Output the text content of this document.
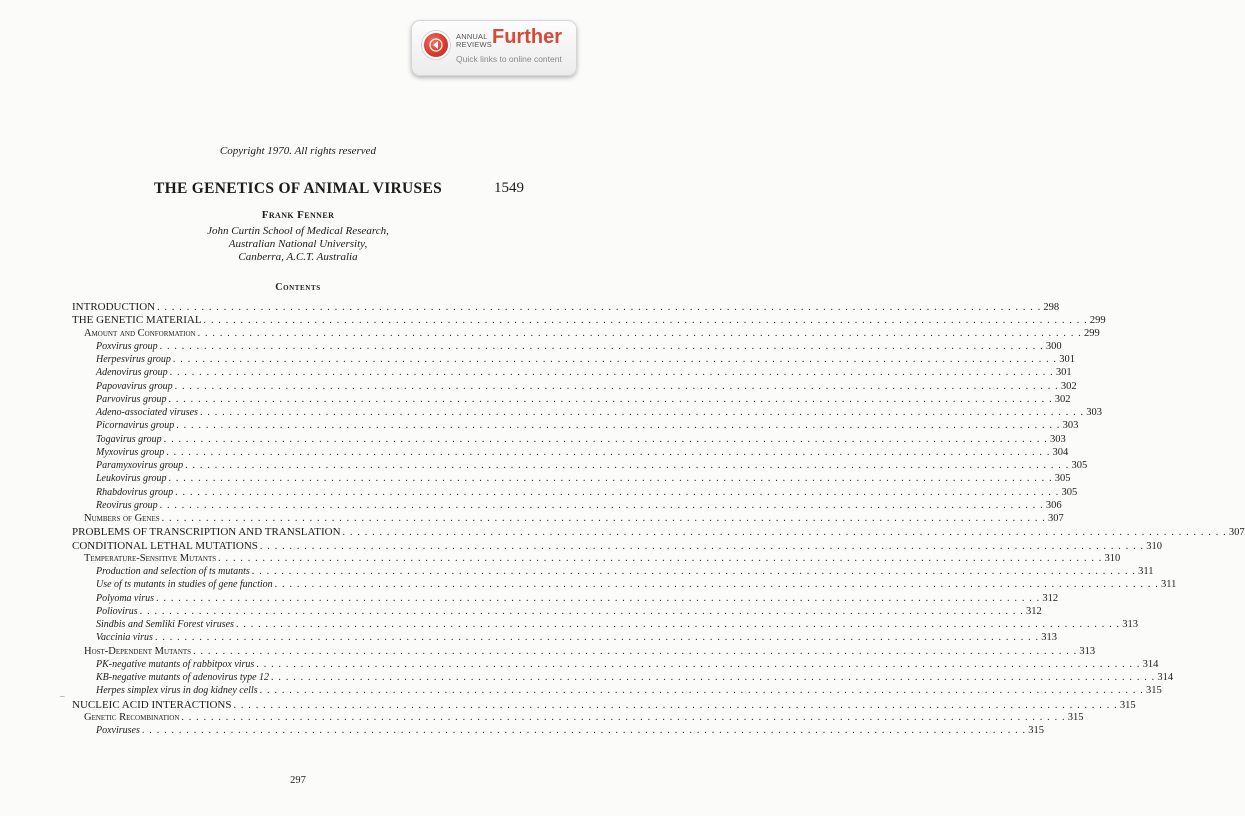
ANNUAL
REVIEWS Further
Quick links to online content
Copyright 1970. All rights reserved
THE GENETICS OF ANIMAL VIRUSES	1549
Frank Fenner
John Curtin School of Medical Research,
Australian National University,
Canberra, A.C.T. Australia
Contents
INTRODUCTION . . . . . . . . . . . . . . . . . . . . . . . . . . . . . . . . . . . . . . . . . . . . . . . . . . . . . . . . . . . . . . . . . . . . . . . . . . . . . . . . . . . . . . . . . . . . . . . . . . . . . . . . . . . . . . . . . . . . . . . . 298
THE GENETIC MATERIAL . . . . . . . . . . . . . . . . . . . . . . . . . . . . . . . . . . . . . . . . . . . . . . . . . . . . . . . . . . . . . . . . . . . . . . . . . . . . . . . . . . . . . . . . . . . . . . . . . . . . . . . . . . . . . . . . . . . . . . . . 299
Amount and Conformation . . . . . . . . . . . . . . . . . . . . . . . . . . . . . . . . . . . . . . . . . . . . . . . . . . . . . . . . . . . . . . . . . . . . . . . . . . . . . . . . . . . . . . . . . . . . . . . . . . . . . . . . . . . . . . . . . . . . . . . . 299
Poxvirus group . . . . . . . . . . . . . . . . . . . . . . . . . . . . . . . . . . . . . . . . . . . . . . . . . . . . . . . . . . . . . . . . . . . . . . . . . . . . . . . . . . . . . . . . . . . . . . . . . . . . . . . . . . . . . . . . . . . . . . . . 300
Herpesvirus group . . . . . . . . . . . . . . . . . . . . . . . . . . . . . . . . . . . . . . . . . . . . . . . . . . . . . . . . . . . . . . . . . . . . . . . . . . . . . . . . . . . . . . . . . . . . . . . . . . . . . . . . . . . . . . . . . . . . . . . . 301
Adenovirus group . . . . . . . . . . . . . . . . . . . . . . . . . . . . . . . . . . . . . . . . . . . . . . . . . . . . . . . . . . . . . . . . . . . . . . . . . . . . . . . . . . . . . . . . . . . . . . . . . . . . . . . . . . . . . . . . . . . . . . . . 301
Papovavirus group . . . . . . . . . . . . . . . . . . . . . . . . . . . . . . . . . . . . . . . . . . . . . . . . . . . . . . . . . . . . . . . . . . . . . . . . . . . . . . . . . . . . . . . . . . . . . . . . . . . . . . . . . . . . . . . . . . . . . . . . 302
Parvovirus group . . . . . . . . . . . . . . . . . . . . . . . . . . . . . . . . . . . . . . . . . . . . . . . . . . . . . . . . . . . . . . . . . . . . . . . . . . . . . . . . . . . . . . . . . . . . . . . . . . . . . . . . . . . . . . . . . . . . . . . . 302
Adeno-associated viruses . . . . . . . . . . . . . . . . . . . . . . . . . . . . . . . . . . . . . . . . . . . . . . . . . . . . . . . . . . . . . . . . . . . . . . . . . . . . . . . . . . . . . . . . . . . . . . . . . . . . . . . . . . . . . . . . . . . . . . . . 303
Picornavirus group . . . . . . . . . . . . . . . . . . . . . . . . . . . . . . . . . . . . . . . . . . . . . . . . . . . . . . . . . . . . . . . . . . . . . . . . . . . . . . . . . . . . . . . . . . . . . . . . . . . . . . . . . . . . . . . . . . . . . . . . 303
Togavirus group . . . . . . . . . . . . . . . . . . . . . . . . . . . . . . . . . . . . . . . . . . . . . . . . . . . . . . . . . . . . . . . . . . . . . . . . . . . . . . . . . . . . . . . . . . . . . . . . . . . . . . . . . . . . . . . . . . . . . . . . 303
Myxovirus group . . . . . . . . . . . . . . . . . . . . . . . . . . . . . . . . . . . . . . . . . . . . . . . . . . . . . . . . . . . . . . . . . . . . . . . . . . . . . . . . . . . . . . . . . . . . . . . . . . . . . . . . . . . . . . . . . . . . . . . . 304
Paramyxovirus group . . . . . . . . . . . . . . . . . . . . . . . . . . . . . . . . . . . . . . . . . . . . . . . . . . . . . . . . . . . . . . . . . . . . . . . . . . . . . . . . . . . . . . . . . . . . . . . . . . . . . . . . . . . . . . . . . . . . . . . . 305
Leukovirus group . . . . . . . . . . . . . . . . . . . . . . . . . . . . . . . . . . . . . . . . . . . . . . . . . . . . . . . . . . . . . . . . . . . . . . . . . . . . . . . . . . . . . . . . . . . . . . . . . . . . . . . . . . . . . . . . . . . . . . . . 305
Rhabdovirus group . . . . . . . . . . . . . . . . . . . . . . . . . . . . . . . . . . . . . . . . . . . . . . . . . . . . . . . . . . . . . . . . . . . . . . . . . . . . . . . . . . . . . . . . . . . . . . . . . . . . . . . . . . . . . . . . . . . . . . . . 305
Reovirus group . . . . . . . . . . . . . . . . . . . . . . . . . . . . . . . . . . . . . . . . . . . . . . . . . . . . . . . . . . . . . . . . . . . . . . . . . . . . . . . . . . . . . . . . . . . . . . . . . . . . . . . . . . . . . . . . . . . . . . . . 306
Numbers of Genes . . . . . . . . . . . . . . . . . . . . . . . . . . . . . . . . . . . . . . . . . . . . . . . . . . . . . . . . . . . . . . . . . . . . . . . . . . . . . . . . . . . . . . . . . . . . . . . . . . . . . . . . . . . . . . . . . . . . . . . . 307
PROBLEMS OF TRANSCRIPTION AND TRANSLATION . . . . . . . . . . . . . . . . . . . . . . . . . . . . . . . . . . . . . . . . . . . . . . . . . . . . . . . . . . . . . . . . . . . . . . . . . . . . . . . . . . . . . . . . . . . . . . . . . . . . . . . . . . . . . . . . . . . . . . . . 307
CONDITIONAL LETHAL MUTATIONS . . . . . . . . . . . . . . . . . . . . . . . . . . . . . . . . . . . . . . . . . . . . . . . . . . . . . . . . . . . . . . . . . . . . . . . . . . . . . . . . . . . . . . . . . . . . . . . . . . . . . . . . . . . . . . . . . . . . . . . . 310
Temperature-Sensitive Mutants . . . . . . . . . . . . . . . . . . . . . . . . . . . . . . . . . . . . . . . . . . . . . . . . . . . . . . . . . . . . . . . . . . . . . . . . . . . . . . . . . . . . . . . . . . . . . . . . . . . . . . . . . . . . . . . . . . . . . . . . 310
Production and selection of ts mutants . . . . . . . . . . . . . . . . . . . . . . . . . . . . . . . . . . . . . . . . . . . . . . . . . . . . . . . . . . . . . . . . . . . . . . . . . . . . . . . . . . . . . . . . . . . . . . . . . . . . . . . . . . . . . . . . . . . . . . . . 311
Use of ts mutants in studies of gene function . . . . . . . . . . . . . . . . . . . . . . . . . . . . . . . . . . . . . . . . . . . . . . . . . . . . . . . . . . . . . . . . . . . . . . . . . . . . . . . . . . . . . . . . . . . . . . . . . . . . . . . . . . . . . . . . . . . . . . . . 311
Polyoma virus . . . . . . . . . . . . . . . . . . . . . . . . . . . . . . . . . . . . . . . . . . . . . . . . . . . . . . . . . . . . . . . . . . . . . . . . . . . . . . . . . . . . . . . . . . . . . . . . . . . . . . . . . . . . . . . . . . . . . . . . 312
Poliovirus . . . . . . . . . . . . . . . . . . . . . . . . . . . . . . . . . . . . . . . . . . . . . . . . . . . . . . . . . . . . . . . . . . . . . . . . . . . . . . . . . . . . . . . . . . . . . . . . . . . . . . . . . . . . . . . . . . . . . . . . 312
Sindbis and Semliki Forest viruses . . . . . . . . . . . . . . . . . . . . . . . . . . . . . . . . . . . . . . . . . . . . . . . . . . . . . . . . . . . . . . . . . . . . . . . . . . . . . . . . . . . . . . . . . . . . . . . . . . . . . . . . . . . . . . . . . . . . . . . . 313
Vaccinia virus . . . . . . . . . . . . . . . . . . . . . . . . . . . . . . . . . . . . . . . . . . . . . . . . . . . . . . . . . . . . . . . . . . . . . . . . . . . . . . . . . . . . . . . . . . . . . . . . . . . . . . . . . . . . . . . . . . . . . . . . 313
Host-Dependent Mutants . . . . . . . . . . . . . . . . . . . . . . . . . . . . . . . . . . . . . . . . . . . . . . . . . . . . . . . . . . . . . . . . . . . . . . . . . . . . . . . . . . . . . . . . . . . . . . . . . . . . . . . . . . . . . . . . . . . . . . . . 313
PK-negative mutants of rabbitpox virus . . . . . . . . . . . . . . . . . . . . . . . . . . . . . . . . . . . . . . . . . . . . . . . . . . . . . . . . . . . . . . . . . . . . . . . . . . . . . . . . . . . . . . . . . . . . . . . . . . . . . . . . . . . . . . . . . . . . . . . . 314
KB-negative mutants of adenovirus type 12 . . . . . . . . . . . . . . . . . . . . . . . . . . . . . . . . . . . . . . . . . . . . . . . . . . . . . . . . . . . . . . . . . . . . . . . . . . . . . . . . . . . . . . . . . . . . . . . . . . . . . . . . . . . . . . . . . . . . . . . . 314
Herpes simplex virus in dog kidney cells . . . . . . . . . . . . . . . . . . . . . . . . . . . . . . . . . . . . . . . . . . . . . . . . . . . . . . . . . . . . . . . . . . . . . . . . . . . . . . . . . . . . . . . . . . . . . . . . . . . . . . . . . . . . . . . . . . . . . . . . 315
NUCLEIC ACID INTERACTIONS . . . . . . . . . . . . . . . . . . . . . . . . . . . . . . . . . . . . . . . . . . . . . . . . . . . . . . . . . . . . . . . . . . . . . . . . . . . . . . . . . . . . . . . . . . . . . . . . . . . . . . . . . . . . . . . . . . . . . . . . 315
Genetic Recombination . . . . . . . . . . . . . . . . . . . . . . . . . . . . . . . . . . . . . . . . . . . . . . . . . . . . . . . . . . . . . . . . . . . . . . . . . . . . . . . . . . . . . . . . . . . . . . . . . . . . . . . . . . . . . . . . . . . . . . . . 315
Poxviruses . . . . . . . . . . . . . . . . . . . . . . . . . . . . . . . . . . . . . . . . . . . . . . . . . . . . . . . . . . . . . . . . . . . . . . . . . . . . . . . . . . . . . . . . . . . . . . . . . . . . . . . . . . . . . . . . . . . . . . . . 315
–
297
